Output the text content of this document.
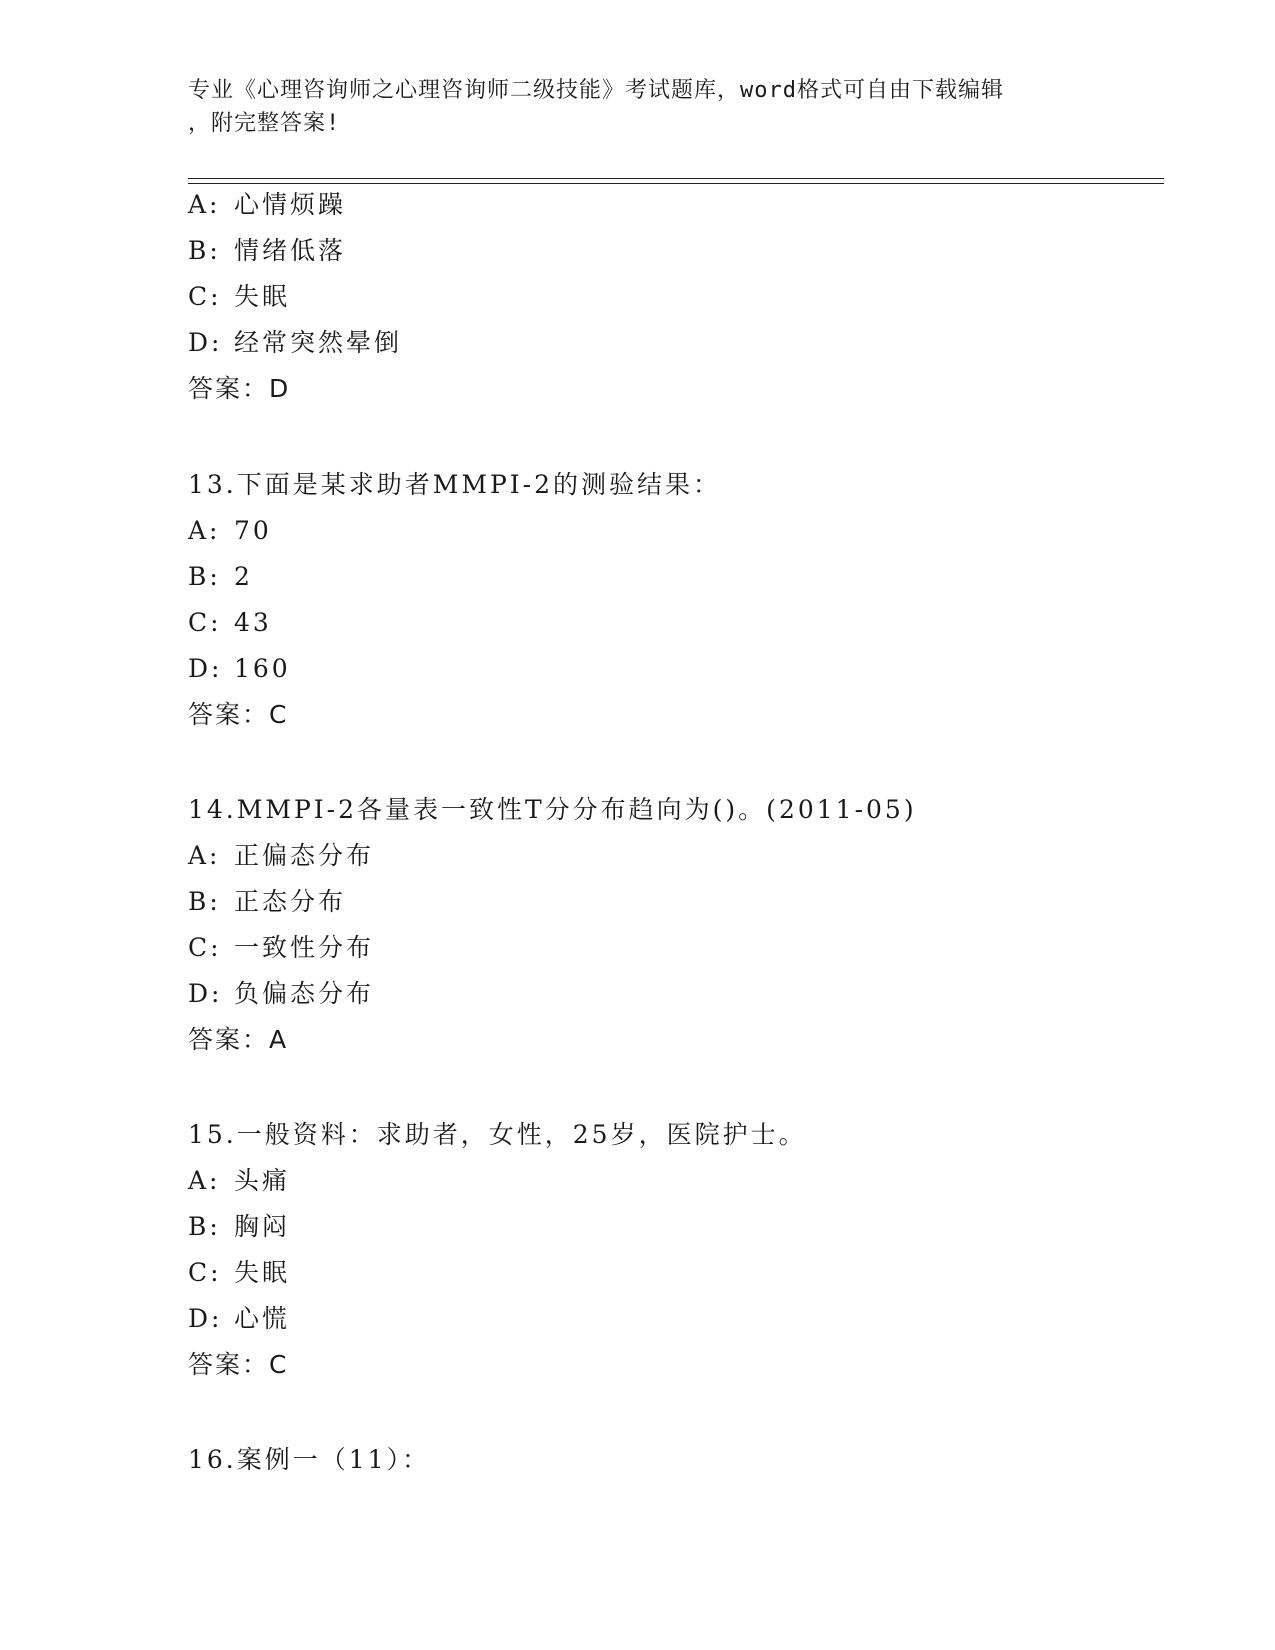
专业《心理咨询师之心理咨询师二级技能》考试题库，word格式可自由下载编辑
，附完整答案!
A: 心情烦躁
B: 情绪低落
C: 失眠
D: 经常突然晕倒
答案：D
13.下面是某求助者MMPI-2的测验结果：
A: 70
B: 2
C: 43
D: 160
答案：C
14.MMPI-2各量表一致性T分分布趋向为()。(2011-05)
A: 正偏态分布
B: 正态分布
C: 一致性分布
D: 负偏态分布
答案：A
15.一般资料：求助者，女性，25岁，医院护士。
A: 头痛
B: 胸闷
C: 失眠
D: 心慌
答案：C
16.案例一（11）：
